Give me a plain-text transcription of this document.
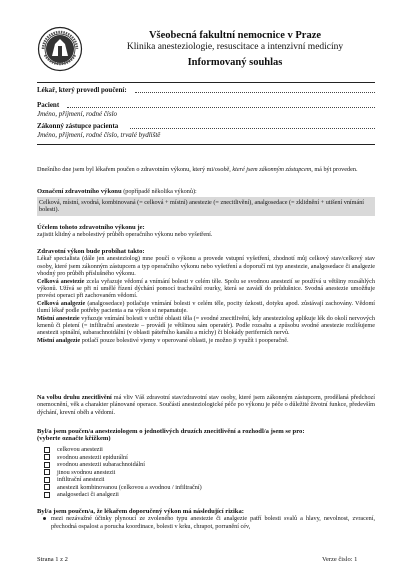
Všeobecná fakultní nemocnice v Praze
Klinika anesteziologie, resuscitace a intenzivní medicíny
Informovaný souhlas
Lékař, který provedl poučení:
Pacient
Jméno, příjmení, rodné číslo
Zákonný zástupce pacienta
Jméno, příjmení, rodné číslo, trvalé bydliště
Dnešního dne jsem byl lékařem poučen o zdravotním výkonu, který mi/osobě, které jsem zákonným zástupcem, má být proveden.
Označení zdravotního výkonu (popřípadě několika výkonů):
Celková, místní, svodná, kombinovaná (= celková + místní) anestezie (= znecitlivění), analgosedace (= zklidnění + utišení vnímání bolesti).
Účelem tohoto zdravotního výkonu je:
zajistit klidný a nebolestivý průběh operačního výkonu nebo vyšetření.
Zdravotní výkon bude probíhat takto:
Lékař specialista (dále jen anesteziolog) mne poučí o výkonu a provede vstupní vyšetření, zhodnotí můj celkový stav/celkový stav osoby, které jsem zákonným zástupcem a typ operačního výkonu nebo vyšetření a doporučí mi typ anestezie, analgosedace či analgezie vhodný pro průběh příslušného výkonu.
Celková anestezie zcela vyřazuje vědomí a vnímání bolesti v celém těle. Spolu se svodnou anestezií se používá u většiny rozsáhlých výkonů. Užívá se při ní umělé řízení dýchání pomocí tracheální rourky, která se zavádí do průdušnice. Svodná anestezie umožňuje provést operaci při zachovaném vědomí.
Celková analgezie (analgosedace) potlačuje vnímání bolesti v celém těle, pocity úzkosti, dotyku apod. zůstávají zachovány. Vědomí tlumí lékař podle potřeby pacienta a na výkon si nepamatuje.
Místní anestezie vyřazuje vnímání bolesti v určité oblasti těla (= svodné znecitlivění, kdy anesteziolog aplikuje lék do okolí nervových kmenů či pletení (= infiltrační anestezie – provádí je většinou sám operatér). Podle rozsahu a způsobu svodné anestezie rozlišujeme anestezii spinální, subarachnoidální (v oblasti páteřního kanálu a míchy) či blokády periferních nervů.
Místní analgezie potlačí pouze bolestivé vjemy v operované oblasti, je možno ji využít i pooperačně.
Na volbu druhu znecitlivění má vliv Váš zdravotní stav/zdravotní stav osoby, které jsem zákonným zástupcem, prodělaná předchozí onemocnění, věk a charakter plánované operace. Součástí anesteziologické péče po výkonu je péče o důležité životní funkce, především dýchání, krevní oběh a vědomí.
Byl/a jsem poučen/a anesteziologem o jednotlivých druzích znecitlivění a rozhodl/a jsem se pro:
(vyberte označte křížkem)
celkovou anestezii
svodnou anestezii epidurální
svodnou anestezii subarachnoidální
jinou svodnou anestezii
infiltrační anestezii
anestezii kombinovanou (celkovou a svodnou / infiltrační)
analgosedaci či analgezii
Byl/a jsem poučen/a, že lékařem doporučený výkon má následující rizika:
mezi nezávažné účinky plynoucí ze zvoleného typu anestezie či analgezie patří bolesti svalů a hlavy, nevolnost, zvracení, přechodná ospalost a porucha koordinace, bolesti v krku, chrapot, porranění cév,
Strana 1 z 2	Verze čislo: 1
